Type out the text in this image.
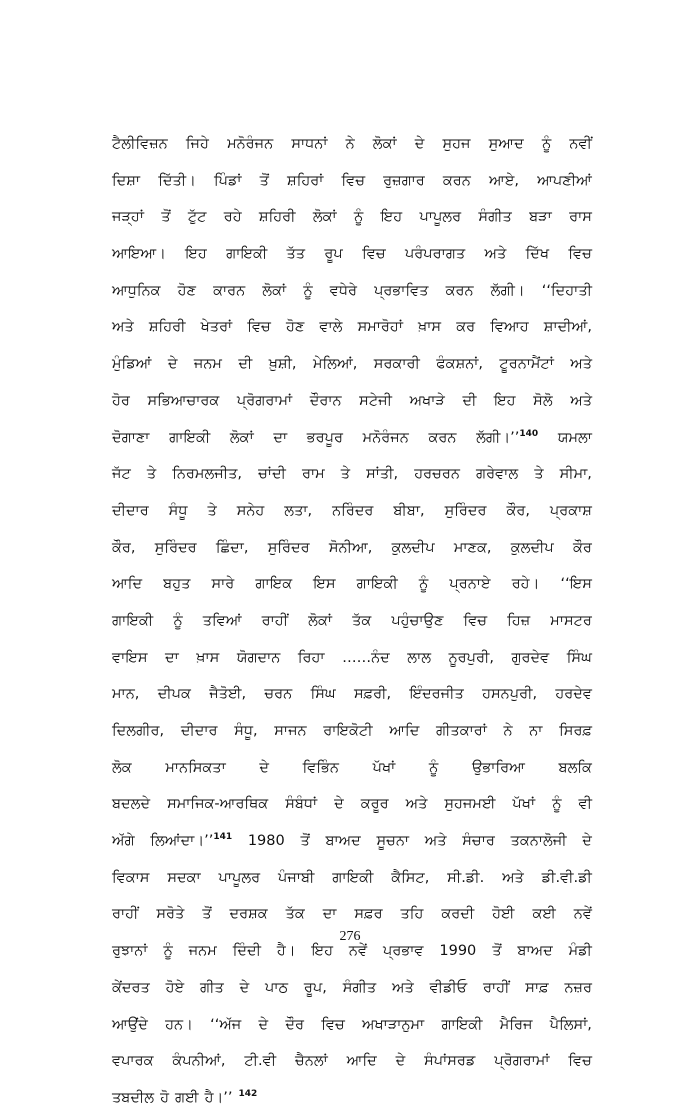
ਟੈਲੀਵਿਜ਼ਨ ਜਿਹੇ ਮਨੋਰੰਜਨ ਸਾਧਨਾਂ ਨੇ ਲੋਕਾਂ ਦੇ ਸੁਹਜ ਸੁਆਦ ਨੂੰ ਨਵੀਂ
ਦਿਸ਼ਾ ਦਿੱਤੀ। ਪਿੰਡਾਂ ਤੋਂ ਸ਼ਹਿਰਾਂ ਵਿਚ ਰੁਜ਼ਗਾਰ ਕਰਨ ਆਏ, ਆਪਣੀਆਂ
ਜੜ੍ਹਾਂ ਤੋਂ ਟੁੱਟ ਰਹੇ ਸ਼ਹਿਰੀ ਲੋਕਾਂ ਨੂੰ ਇਹ ਪਾਪੂਲਰ ਸੰਗੀਤ ਬੜਾ ਰਾਸ
ਆਇਆ। ਇਹ ਗਾਇਕੀ ਤੱਤ ਰੂਪ ਵਿਚ ਪਰੰਪਰਾਗਤ ਅਤੇ ਦਿੱਖ ਵਿਚ
ਆਧੁਨਿਕ ਹੋਣ ਕਾਰਨ ਲੋਕਾਂ ਨੂੰ ਵਧੇਰੇ ਪ੍ਰਭਾਵਿਤ ਕਰਨ ਲੱਗੀ। ‘‘ਦਿਹਾਤੀ
ਅਤੇ ਸ਼ਹਿਰੀ ਖੇਤਰਾਂ ਵਿਚ ਹੋਣ ਵਾਲੇ ਸਮਾਰੋਹਾਂ ਖ਼ਾਸ ਕਰ ਵਿਆਹ ਸ਼ਾਦੀਆਂ,
ਮੁੰਡਿਆਂ ਦੇ ਜਨਮ ਦੀ ਖ਼ੁਸ਼ੀ, ਮੇਲਿਆਂ, ਸਰਕਾਰੀ ਫੰਕਸ਼ਨਾਂ, ਟੂਰਨਾਮੈਂਟਾਂ ਅਤੇ
ਹੋਰ ਸਭਿਆਚਾਰਕ ਪ੍ਰੋਗਰਾਮਾਂ ਦੌਰਾਨ ਸਟੇਜੀ ਅਖਾੜੇ ਦੀ ਇਹ ਸੋਲੋ ਅਤੇ
ਦੋਗਾਣਾ ਗਾਇਕੀ ਲੋਕਾਂ ਦਾ ਭਰਪੂਰ ਮਨੋਰੰਜਨ ਕਰਨ ਲੱਗੀ।’’$^{140}$ ਯਮਲਾ
ਜੱਟ ਤੇ ਨਿਰਮਲਜੀਤ, ਚਾਂਦੀ ਰਾਮ ਤੇ ਸਾਂਤੀ, ਹਰਚਰਨ ਗਰੇਵਾਲ ਤੇ ਸੀਮਾ,
ਦੀਦਾਰ ਸੰਧੂ ਤੇ ਸਨੇਹ ਲਤਾ, ਨਰਿੰਦਰ ਬੀਬਾ, ਸੁਰਿੰਦਰ ਕੌਰ, ਪ੍ਰਕਾਸ਼
ਕੌਰ, ਸੁਰਿੰਦਰ ਛਿੰਦਾ, ਸੁਰਿੰਦਰ ਸੋਨੀਆ, ਕੁਲਦੀਪ ਮਾਣਕ, ਕੁਲਦੀਪ ਕੌਰ
ਆਦਿ ਬਹੁਤ ਸਾਰੇ ਗਾਇਕ ਇਸ ਗਾਇਕੀ ਨੂੰ ਪ੍ਰਨਾਏ ਰਹੇ। ‘‘ਇਸ
ਗਾਇਕੀ ਨੂੰ ਤਵਿਆਂ ਰਾਹੀਂ ਲੋਕਾਂ ਤੱਕ ਪਹੁੰਚਾਉਣ ਵਿਚ ਹਿਜ਼ ਮਾਸਟਰ
ਵਾਇਸ ਦਾ ਖ਼ਾਸ ਯੋਗਦਾਨ ਰਿਹਾ ……ਨੰਦ ਲਾਲ ਨੂਰਪੁਰੀ, ਗੁਰਦੇਵ ਸਿੰਘ
ਮਾਨ, ਦੀਪਕ ਜੈਤੋਈ, ਚਰਨ ਸਿੰਘ ਸਫ਼ਰੀ, ਇੰਦਰਜੀਤ ਹਸਨਪੁਰੀ, ਹਰਦੇਵ
ਦਿਲਗੀਰ, ਦੀਦਾਰ ਸੰਧੂ, ਸਾਜਨ ਰਾਇਕੋਟੀ ਆਦਿ ਗੀਤਕਾਰਾਂ ਨੇ ਨਾ ਸਿਰਫ਼
ਲੋਕ ਮਾਨਸਿਕਤਾ ਦੇ ਵਿਭਿੰਨ ਪੱਖਾਂ ਨੂੰ ਉਭਾਰਿਆ ਬਲਕਿ
ਬਦਲਦੇ ਸਮਾਜਿਕ-ਆਰਥਿਕ ਸੰਬੰਧਾਂ ਦੇ ਕਰੂਰ ਅਤੇ ਸੁਹਜਮਈ ਪੱਖਾਂ ਨੂੰ ਵੀ
ਅੱਗੇ ਲਿਆਂਦਾ।’’$^{141}$ 1980 ਤੋਂ ਬਾਅਦ ਸੂਚਨਾ ਅਤੇ ਸੰਚਾਰ ਤਕਨਾਲੋਜੀ ਦੇ
ਵਿਕਾਸ ਸਦਕਾ ਪਾਪੂਲਰ ਪੰਜਾਬੀ ਗਾਇਕੀ ਕੈਸਿਟ, ਸੀ.ਡੀ. ਅਤੇ ਡੀ.ਵੀ.ਡੀ
ਰਾਹੀਂ ਸਰੋਤੇ ਤੋਂ ਦਰਸ਼ਕ ਤੱਕ ਦਾ ਸਫ਼ਰ ਤਹਿ ਕਰਦੀ ਹੋਈ ਕਈ ਨਵੇਂ
ਰੁਝਾਨਾਂ ਨੂੰ ਜਨਮ ਦਿੰਦੀ ਹੈ। ਇਹ ਨਵੇਂ ਪ੍ਰਭਾਵ 1990 ਤੋਂ ਬਾਅਦ ਮੰਡੀ
ਕੇਂਦਰਤ ਹੋਏ ਗੀਤ ਦੇ ਪਾਠ ਰੂਪ, ਸੰਗੀਤ ਅਤੇ ਵੀਡੀਓ ਰਾਹੀਂ ਸਾਫ਼ ਨਜ਼ਰ
ਆਉਂਦੇ ਹਨ। ‘‘ਅੱਜ ਦੇ ਦੌਰ ਵਿਚ ਅਖਾੜਾਨੁਮਾ ਗਾਇਕੀ ਮੈਰਿਜ ਪੈਲਿਸਾਂ,
ਵਪਾਰਕ ਕੰਪਨੀਆਂ, ਟੀ.ਵੀ ਚੈਨਲਾਂ ਆਦਿ ਦੇ ਸੰਪਾਂਸਰਡ ਪ੍ਰੋਗਰਾਮਾਂ ਵਿਚ
ਤਬਦੀਲ ਹੋ ਗਈ ਹੈ।’’ $^{142}$
276
